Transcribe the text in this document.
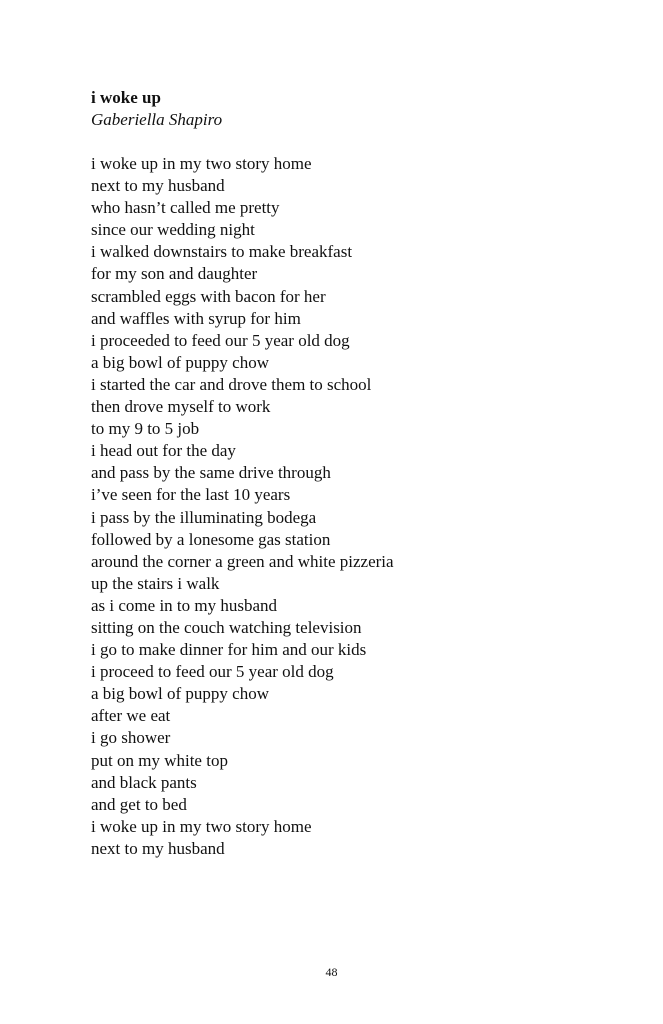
i woke up
Gaberiella Shapiro
i woke up in my two story home
next to my husband
who hasn’t called me pretty
since our wedding night
i walked downstairs to make breakfast
for my son and daughter
scrambled eggs with bacon for her
and waffles with syrup for him
i proceeded to feed our 5 year old dog
a big bowl of puppy chow
i started the car and drove them to school
then drove myself to work
to my 9 to 5 job
i head out for the day
and pass by the same drive through
i’ve seen for the last 10 years
i pass by the illuminating bodega
followed by a lonesome gas station
around the corner a green and white pizzeria
up the stairs i walk
as i come in to my husband
sitting on the couch watching television
i go to make dinner for him and our kids
i proceed to feed our 5 year old dog
a big bowl of puppy chow
after we eat
i go shower
put on my white top
and black pants
and get to bed
i woke up in my two story home
next to my husband
48
